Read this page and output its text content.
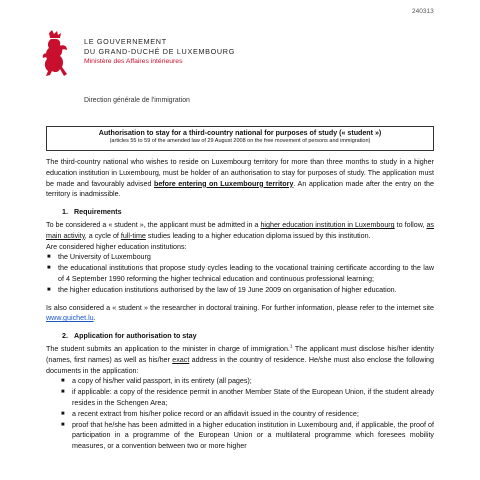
240313
LE GOUVERNEMENT
DU GRAND-DUCHÉ DE LUXEMBOURG
Ministère des Affaires intérieures
Direction générale de l'immigration
Authorisation to stay for a third-country national for purposes of study (« student »)
(articles 55 to 59 of the amended law of 29 August 2008 on the free movement of persons and immigration)

The third-country national who wishes to reside on Luxembourg territory for more than three months to study in a higher education institution in Luxembourg, must be holder of an authorisation to stay for purposes of study. The application must be made and favourably advised before entering on Luxembourg territory. An application made after the entry on the territory is inadmissible.

1. Requirements

To be considered a « student », the applicant must be admitted in a higher education institution in Luxembourg to follow, as main activity, a cycle of full-time studies leading to a higher education diploma issued by this institution.

Are considered higher education institutions:

■ the University of Luxembourg
■ the educational institutions that propose study cycles leading to the vocational training certificate according to the law of 4 September 1990 reforming the higher technical education and continuous professional learning;
■ the higher education institutions authorised by the law of 19 June 2009 on organisation of higher education.

Is also considered a « student » the researcher in doctoral training. For further information, please refer to the internet site www.guichet.lu.

2. Application for authorisation to stay

The student submits an application to the minister in charge of immigration.$^1$ The applicant must disclose his/her identity (names, first names) as well as his/her exact address in the country of residence. He/she must also enclose the following documents in the application:

■ a copy of his/her valid passport, in its entirety (all pages);
■ if applicable: a copy of the residence permit in another Member State of the European Union, if the student already resides in the Schengen Area;
■ a recent extract from his/her police record or an affidavit issued in the country of residence;
■ proof that he/she has been admitted in a higher education institution in Luxembourg and, if applicable, the proof of participation in a programme of the European Union or a multilateral programme which foresees mobility measures, or a convention between two or more higher
